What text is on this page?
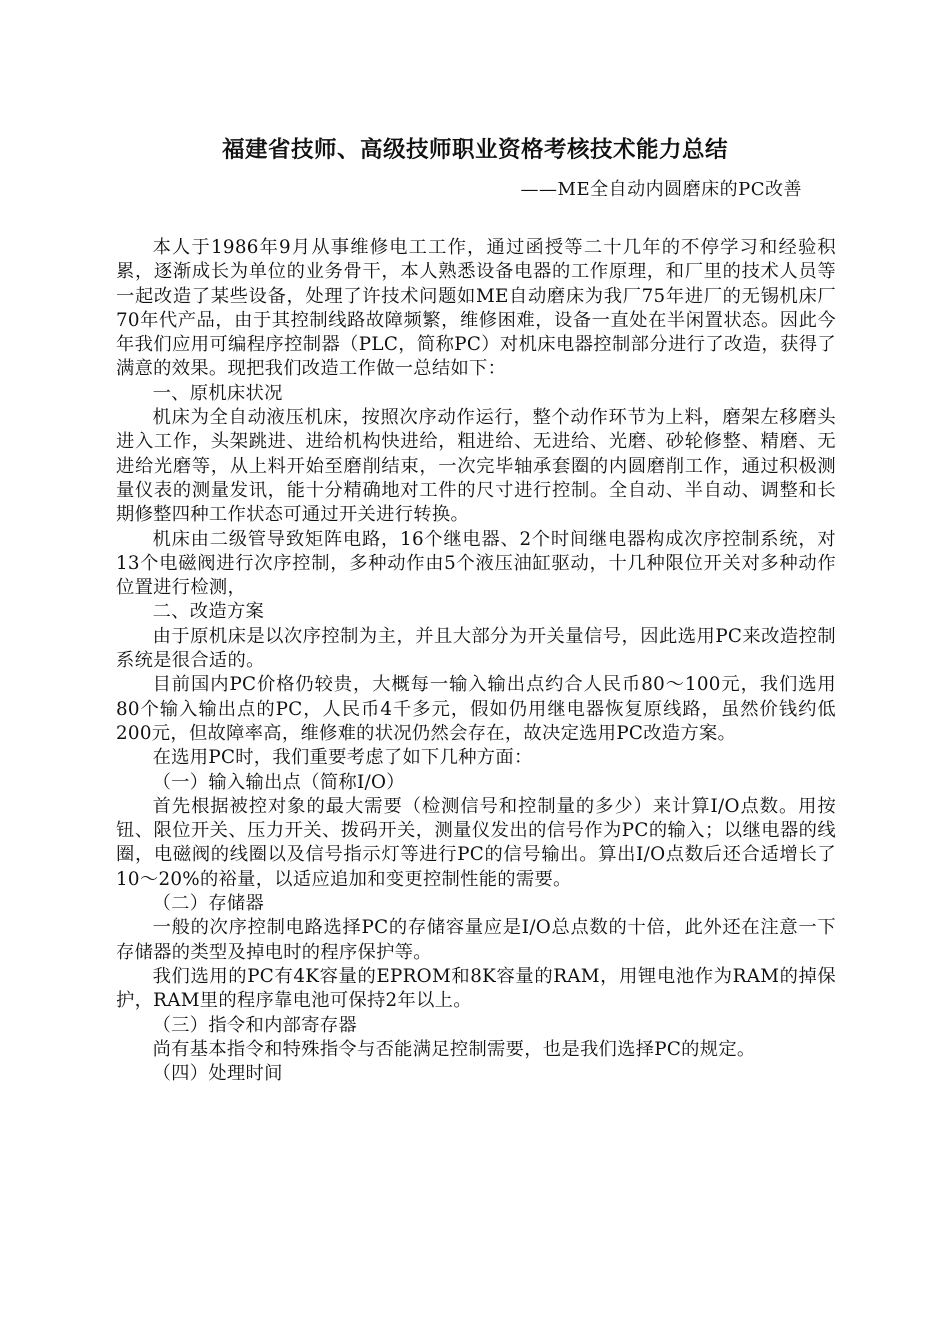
福建省技师、高级技师职业资格考核技术能力总结
——ME全自动内圆磨床的PC改善

本人于1986年9月从事维修电工工作，通过函授等二十几年的不停学习和经验积累，逐渐成长为单位的业务骨干，本人熟悉设备电器的工作原理，和厂里的技术人员等一起改造了某些设备，处理了许技术问题如ME自动磨床为我厂75年进厂的无锡机床厂70年代产品，由于其控制线路故障频繁，维修困难，设备一直处在半闲置状态。因此今年我们应用可编程序控制器（PLC，简称PC）对机床电器控制部分进行了改造，获得了满意的效果。现把我们改造工作做一总结如下：

一、原机床状况

机床为全自动液压机床，按照次序动作运行，整个动作环节为上料，磨架左移磨头进入工作，头架跳进、进给机构快进给，粗进给、无进给、光磨、砂轮修整、精磨、无进给光磨等，从上料开始至磨削结束，一次完毕轴承套圈的内圆磨削工作，通过积极测量仪表的测量发讯，能十分精确地对工件的尺寸进行控制。全自动、半自动、调整和长期修整四种工作状态可通过开关进行转换。

机床由二级管导致矩阵电路，16个继电器、2个时间继电器构成次序控制系统，对13个电磁阀进行次序控制，多种动作由5个液压油缸驱动，十几种限位开关对多种动作位置进行检测，

二、改造方案

由于原机床是以次序控制为主，并且大部分为开关量信号，因此选用PC来改造控制系统是很合适的。

目前国内PC价格仍较贵，大概每一输入输出点约合人民币80～100元，我们选用80个输入输出点的PC，人民币4千多元，假如仍用继电器恢复原线路，虽然价钱约低200元，但故障率高，维修难的状况仍然会存在，故决定选用PC改造方案。

在选用PC时，我们重要考虑了如下几种方面：

（一）输入输出点（简称I/O）

首先根据被控对象的最大需要（检测信号和控制量的多少）来计算I/O点数。用按钮、限位开关、压力开关、拨码开关，测量仪发出的信号作为PC的输入；以继电器的线圈，电磁阀的线圈以及信号指示灯等进行PC的信号输出。算出I/O点数后还合适增长了10～20%的裕量，以适应追加和变更控制性能的需要。

（二）存储器

一般的次序控制电路选择PC的存储容量应是I/O总点数的十倍，此外还在注意一下存储器的类型及掉电时的程序保护等。

我们选用的PC有4K容量的EPROM和8K容量的RAM，用锂电池作为RAM的掉保护，RAM里的程序靠电池可保持2年以上。

（三）指令和内部寄存器

尚有基本指令和特殊指令与否能满足控制需要，也是我们选择PC的规定。

（四）处理时间
